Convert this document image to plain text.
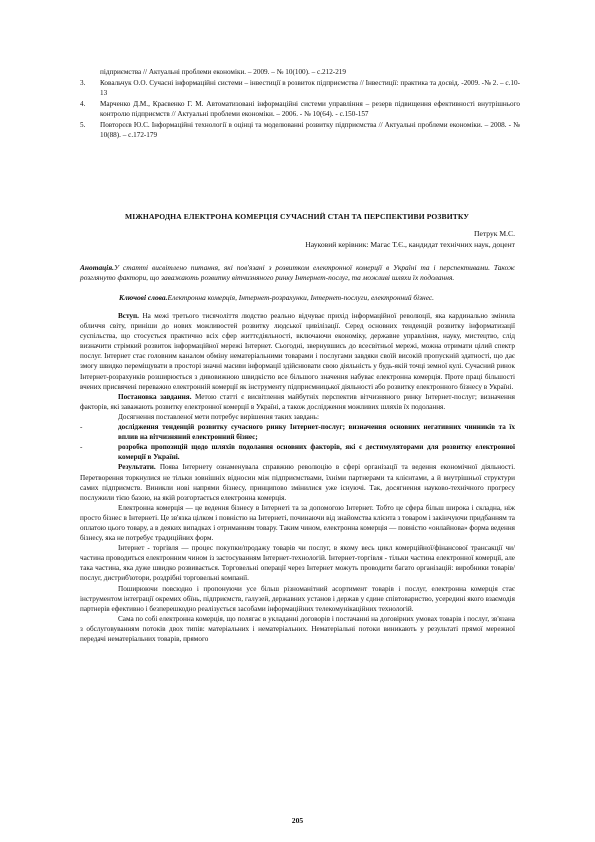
підприємства // Актуальні проблеми економіки. – 2009. – № 10(100). – с.212-219
3.	Ковальчук О.О. Сучасні інформаційні системи – інвестиції в розвиток підприємства // Інвестиції: практика та досвід. -2009. -№ 2. – с.10-13
4.	Марченко Д.М., Краєвенко Г. М. Автоматизовані інформаційні системи управління – резерв підвищення ефективності внутрішнього контролю підприємств // Актуальні проблеми економіки. – 2006. - № 10(64). - с.150-157
5.	Повторєєв Ю.С. Інформаційні технології в оцінці та моделюванні розвитку підприємства // Актуальні проблеми економіки. – 2008. - № 10(88). – с.172-179
МІЖНАРОДНА ЕЛЕКТРОНА КОМЕРЦІЯ СУЧАСНИЙ СТАН ТА ПЕРСПЕКТИВИ РОЗВИТКУ
Петрук М.С.
Науковий керівник: Магас Т.Є., кандидат технічних наук, доцент
Анотація.У статті висвітлено питання, які пов'язані з розвитком електронної комерції в Україні та і перспективами. Також розглянуто фактори, що заважають розвитку вітчизняного ринку Інтернет-послуг, та можливі шляхи їх подолання.
Ключові слова.Електронна комерція, Інтернет-розрахунки, Інтернет-послуги, електронний бізнес.

Вступ. На межі третього тисячоліття людство реально відчуває прихід інформаційної революції, яка кардинально змінила обличчя світу, приніши до нових можливостей розвитку людської цивілізації. Серед основних тенденцій розвитку інформатизації суспільства, що стосується практично всіх сфер життєдіяльності, включаючи економіку, державне управління, науку, мистецтво, слід визначити стрімкий розвиток інформаційної мережі Інтернет. Сьогодні, звернувшись до всесвітньої мережі, можна отримати цілий спектр послуг. Інтернет стає головним каналом обміну нематеріальними товарами і послугами завдяки своїй високій пропускній здатності, що дає змогу швидко переміщувати в просторі значні масиви інформації здійснювати свою діяльність у будь-якій точці земної кулі. Сучасний ринок Інтернет-розрахунків розширюється з дивовижною швидкістю все більшого значення набуває електронна комерція. Проте праці більшості вчених присвячені переважно електронній комерції як інструменту підприємницької діяльності або розвитку електронного бізнесу в Україні.

Постановка завдання. Метою статті є висвітлення майбутніх перспектив вітчизняного ринку Інтернет-послуг; визначення факторів, які заважають розвитку електронної комерції в Україні, а також дослідження можливих шляхів їх подолання.

Досягнення поставленої мети потребує вирішення таких завдань:

-	дослідження тенденцій розвитку сучасного ринку Інтернет-послуг; визначення основних негативних чинників та їх вплив на вітчизняний електронний бізнес;
-	розробка пропозицій щодо шляхів подолання основних факторів, які є дестимуляторами для розвитку електронної комерції в Україні.

Результати. Поява Інтернету ознаменувала справжню революцію в сфері організації та ведення економічної діяльності. Перетворення торкнулися не тільки зовнішніх відносин між підприємствами, їхніми партнерами та клієнтами, а й внутрішньої структури самих підприємств. Виникли нові напрями бізнесу, принципово змінилися уже існуючі. Так, досягнення науково-технічного прогресу послужили тією базою, на якій розгортається електронна комерція.

Електронна комерція — це ведення бізнесу в Інтернеті та за допомогою Інтернет. Тобто це сфера більш широка і складна, ніж просто бізнес в Інтернеті. Це зв'язка цілком і повністю на Інтернеті, починаючи від знайомства клієнта з товаром і закінчуючи придбанням та оплатою цього товару, а в деяких випадках і отриманням товару. Таким чином, електронна комерція — повністю «онлайнова» форма ведення бізнесу, яка не потребує традиційних форм.

Інтернет - торгівля — процес покупки/продажу товарів чи послуг, в якому весь цикл комерційної/фінансової трансакції чи/частина проводиться електронним чином із застосуванням Інтернет-технологій. Інтернет-торгівля - тільки частина електронної комерції, але така частина, яка дуже швидко розвивається. Торговельні операції через Інтернет можуть проводити багато організацій: виробники товарів/послуг, дистриб'ютори, роздрібні торговельні компанії.

Поширюючи повсюдно і пропонуючи усе більш різноманітний асортимент товарів і послуг, електронна комерція стає інструментом інтеграції окремих обїнь, підприємств, галузей, державних установ і держав у єдине співтовариство, усередині якого взаємодія партнерів ефективно і безперешкодно реалізується засобами інформаційних телекомунікаційних технологій.

Сама по собі електронна комерція, що полягає в укладанні договорів і постачанні на договірних умовах товарів і послуг, зв'язана з обслуговуванням потоків двох типів: матеріальних і нематеріальних. Нематеріальні потоки виникають у результаті прямої мережної передачі нематеріальних товарів, прямого

205
